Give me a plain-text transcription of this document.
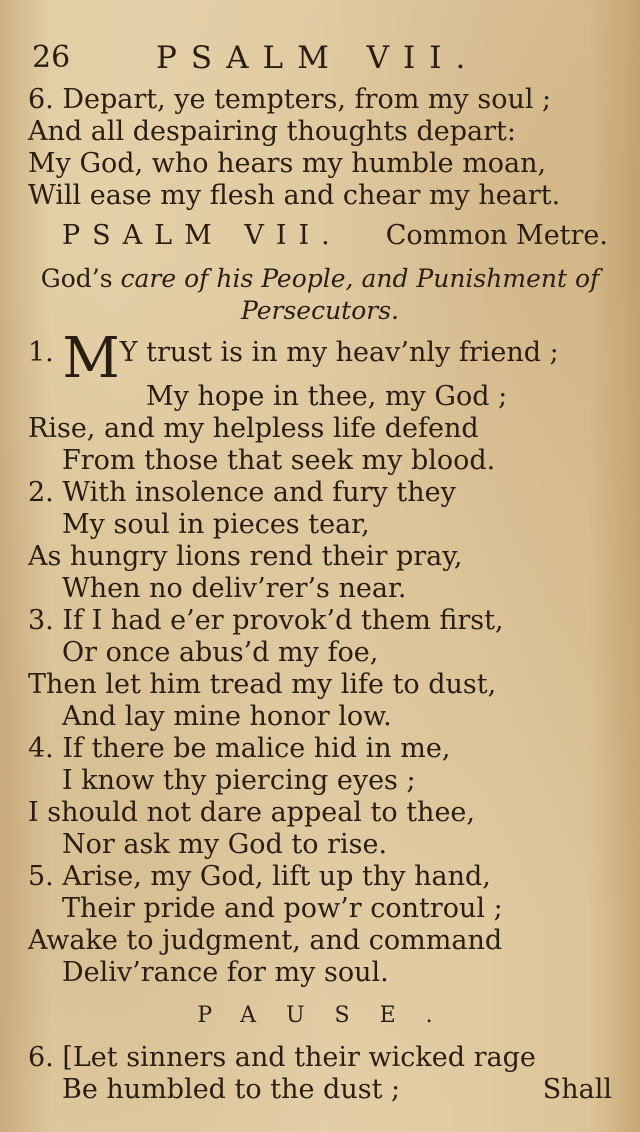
26	PSALM VII.
6. Depart, ye tempters, from my soul ;
And all despairing thoughts depart:
My God, who hears my humble moan,
Will ease my flesh and chear my heart.
PSALM VII. Common Metre.
God’s care of his People, and Punishment of
Persecutors.
1. MY trust is in my heav’nly friend ;
My hope in thee, my God ;
Rise, and my helpless life defend
From those that seek my blood.
2. With insolence and fury they
My soul in pieces tear,
As hungry lions rend their pray,
When no deliv’rer’s near.
3. If I had e’er provok’d them first,
Or once abus’d my foe,
Then let him tread my life to dust,
And lay mine honor low.
4. If there be malice hid in me,
I know thy piercing eyes ;
I should not dare appeal to thee,
Nor ask my God to rise.
5. Arise, my God, lift up thy hand,
Their pride and pow’r controul ;
Awake to judgment, and command
Deliv’rance for my soul.
PAUSE.
6. [Let sinners and their wicked rage
Be humbled to the dust ;	Shall
